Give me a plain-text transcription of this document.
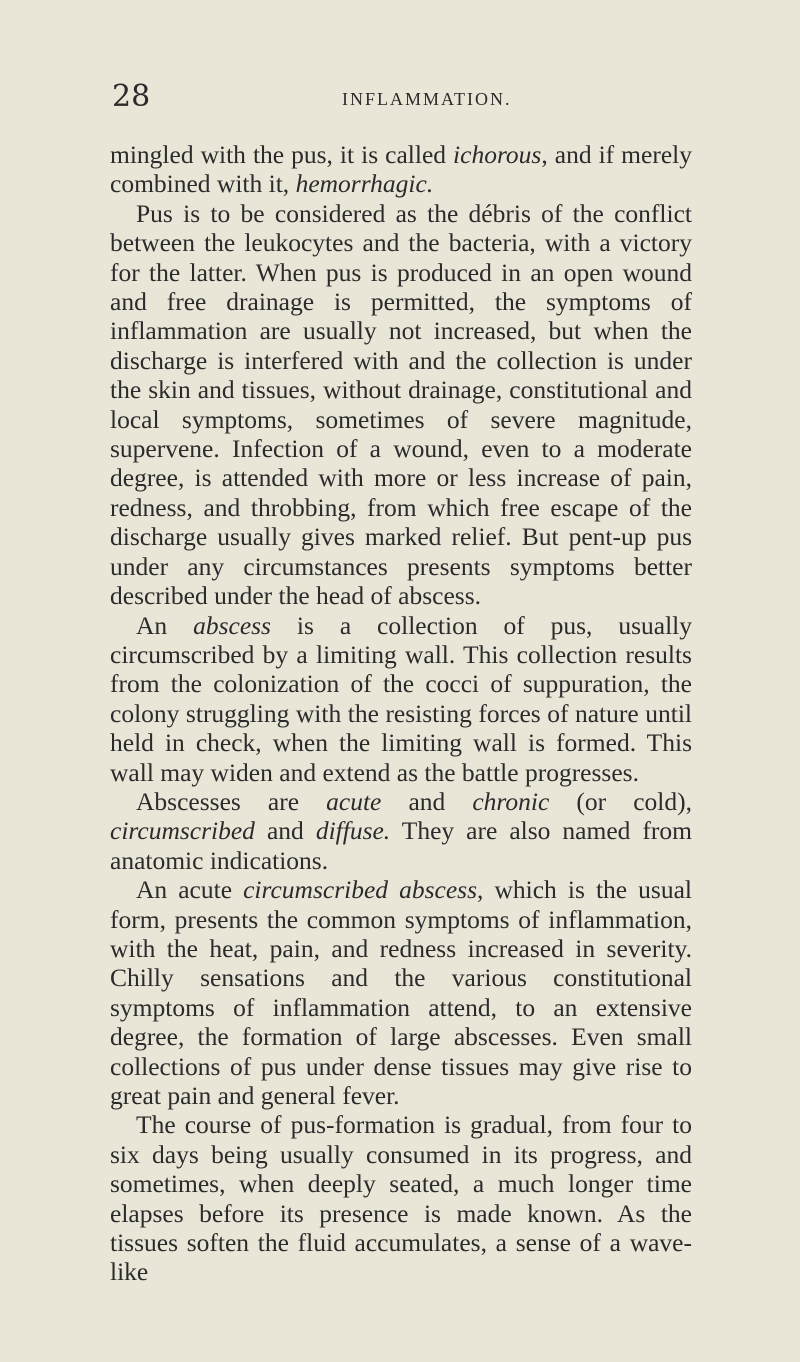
28	INFLAMMATION.

mingled with the pus, it is called ichorous, and if merely combined with it, hemorrhagic.

Pus is to be considered as the débris of the conflict between the leukocytes and the bacteria, with a victory for the latter. When pus is produced in an open wound and free drainage is permitted, the symptoms of inflammation are usually not increased, but when the discharge is interfered with and the collection is under the skin and tissues, without drainage, constitutional and local symptoms, sometimes of severe magnitude, supervene. Infection of a wound, even to a moderate degree, is attended with more or less increase of pain, redness, and throbbing, from which free escape of the discharge usually gives marked relief. But pent-up pus under any circumstances presents symptoms better described under the head of abscess.

An abscess is a collection of pus, usually circumscribed by a limiting wall. This collection results from the colonization of the cocci of suppuration, the colony struggling with the resisting forces of nature until held in check, when the limiting wall is formed. This wall may widen and extend as the battle progresses.

Abscesses are acute and chronic (or cold), circumscribed and diffuse. They are also named from anatomic indications.

An acute circumscribed abscess, which is the usual form, presents the common symptoms of inflammation, with the heat, pain, and redness increased in severity. Chilly sensations and the various constitutional symptoms of inflammation attend, to an extensive degree, the formation of large abscesses. Even small collections of pus under dense tissues may give rise to great pain and general fever.

The course of pus-formation is gradual, from four to six days being usually consumed in its progress, and sometimes, when deeply seated, a much longer time elapses before its presence is made known. As the tissues soften the fluid accumulates, a sense of a wave-like
